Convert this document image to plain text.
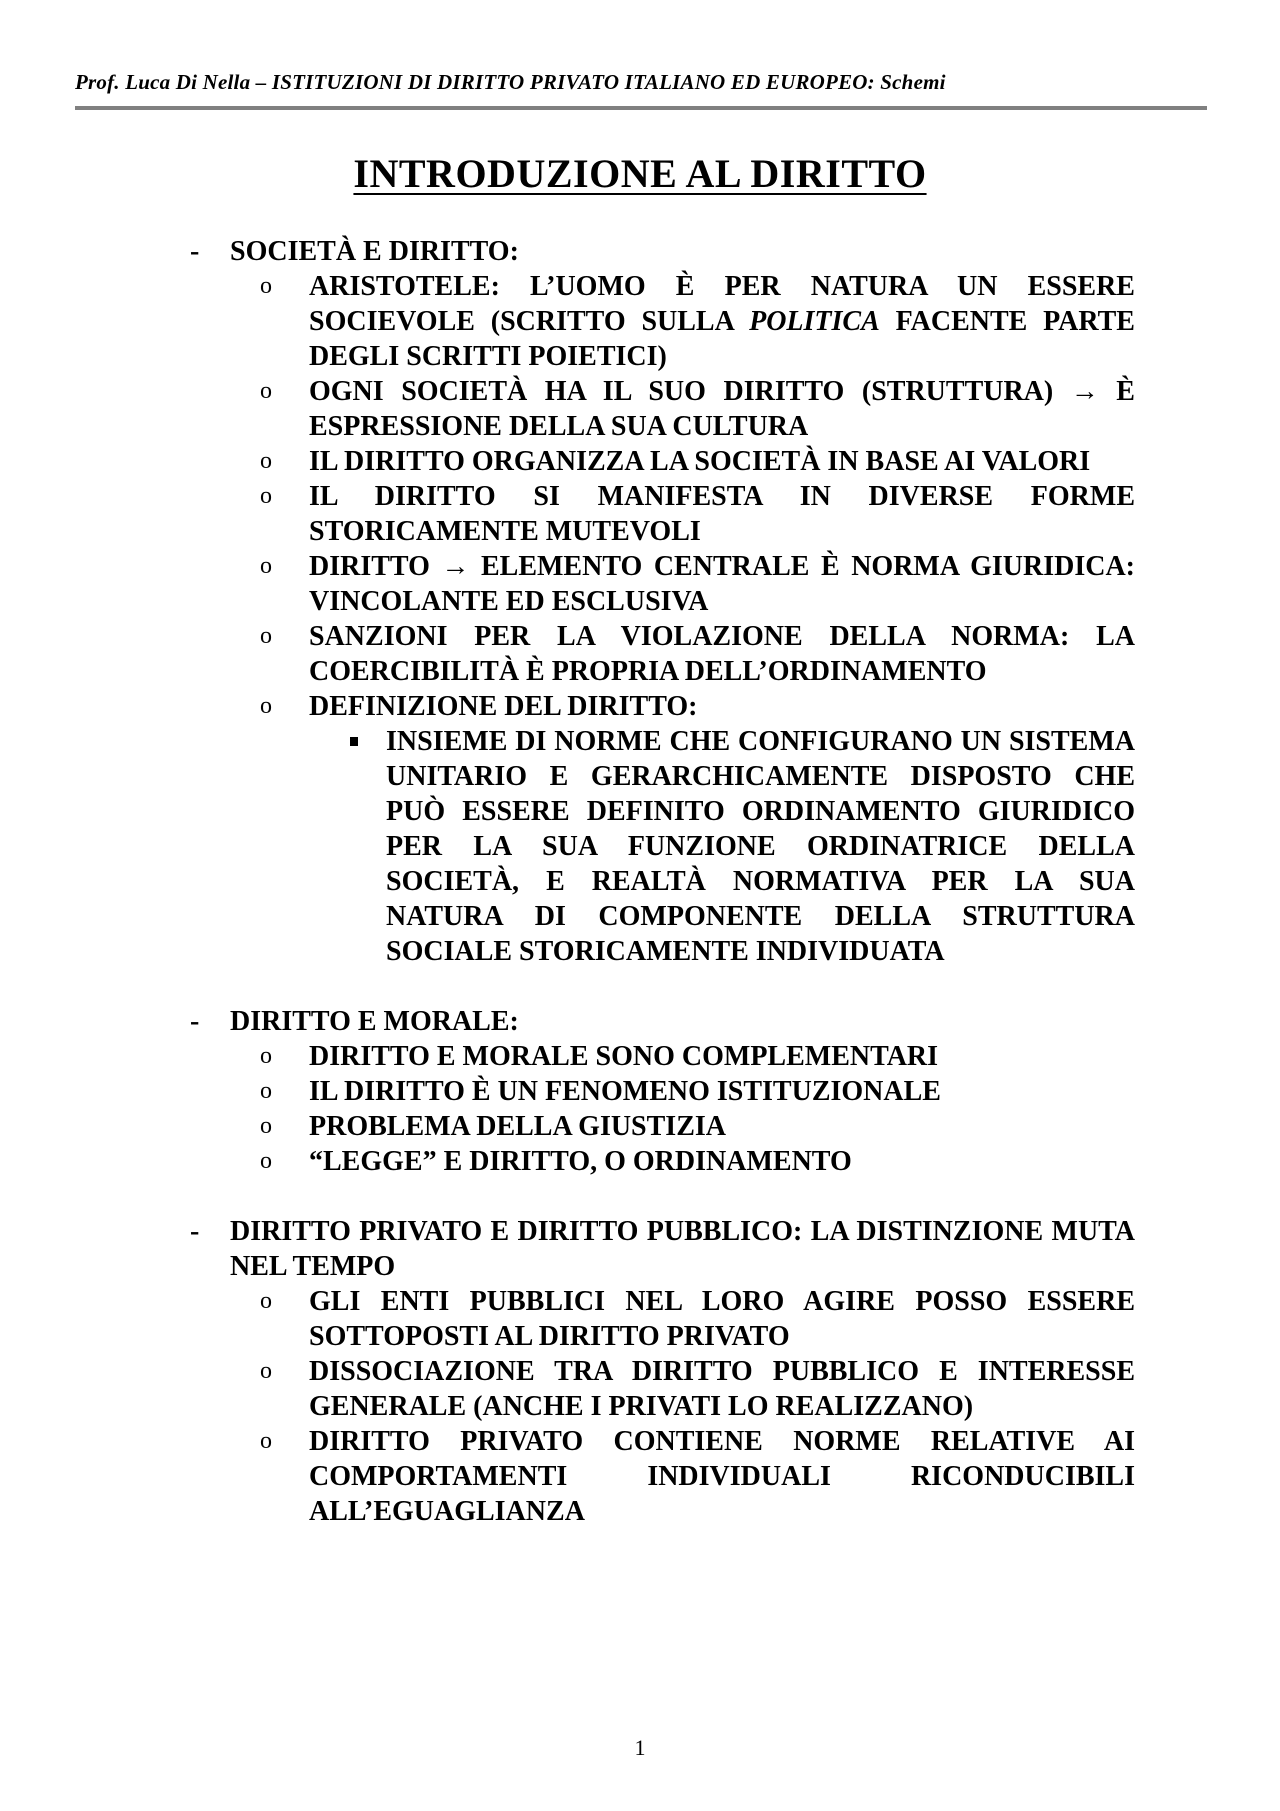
Prof. Luca Di Nella – ISTITUZIONI DI DIRITTO PRIVATO ITALIANO ED EUROPEO: Schemi
INTRODUZIONE AL DIRITTO
- SOCIETÀ E DIRITTO:
o ARISTOTELE: L’UOMO È PER NATURA UN ESSERE SOCIEVOLE (SCRITTO SULLA POLITICA FACENTE PARTE DEGLI SCRITTI POIETICI)
o OGNI SOCIETÀ HA IL SUO DIRITTO (STRUTTURA) → È ESPRESSIONE DELLA SUA CULTURA
o IL DIRITTO ORGANIZZA LA SOCIETÀ IN BASE AI VALORI
o IL DIRITTO SI MANIFESTA IN DIVERSE FORME STORICAMENTE MUTEVOLI
o DIRITTO → ELEMENTO CENTRALE È NORMA GIURIDICA: VINCOLANTE ED ESCLUSIVA
o SANZIONI PER LA VIOLAZIONE DELLA NORMA: LA COERCIBILITÀ È PROPRIA DELL’ORDINAMENTO
o DEFINIZIONE DEL DIRITTO:
INSIEME DI NORME CHE CONFIGURANO UN SISTEMA UNITARIO E GERARCHICAMENTE DISPOSTO CHE PUÒ ESSERE DEFINITO ORDINAMENTO GIURIDICO PER LA SUA FUNZIONE ORDINATRICE DELLA SOCIETÀ, E REALTÀ NORMATIVA PER LA SUA NATURA DI COMPONENTE DELLA STRUTTURA SOCIALE STORICAMENTE INDIVIDUATA
- DIRITTO E MORALE:
o DIRITTO E MORALE SONO COMPLEMENTARI
o IL DIRITTO È UN FENOMENO ISTITUZIONALE
o PROBLEMA DELLA GIUSTIZIA
o “LEGGE” E DIRITTO, O ORDINAMENTO
- DIRITTO PRIVATO E DIRITTO PUBBLICO: LA DISTINZIONE MUTA NEL TEMPO
o GLI ENTI PUBBLICI NEL LORO AGIRE POSSO ESSERE SOTTOPOSTI AL DIRITTO PRIVATO
o DISSOCIAZIONE TRA DIRITTO PUBBLICO E INTERESSE GENERALE (ANCHE I PRIVATI LO REALIZZANO)
o DIRITTO PRIVATO CONTIENE NORME RELATIVE AI COMPORTAMENTI INDIVIDUALI RICONDUCIBILI ALL’EGUAGLIANZA
1
